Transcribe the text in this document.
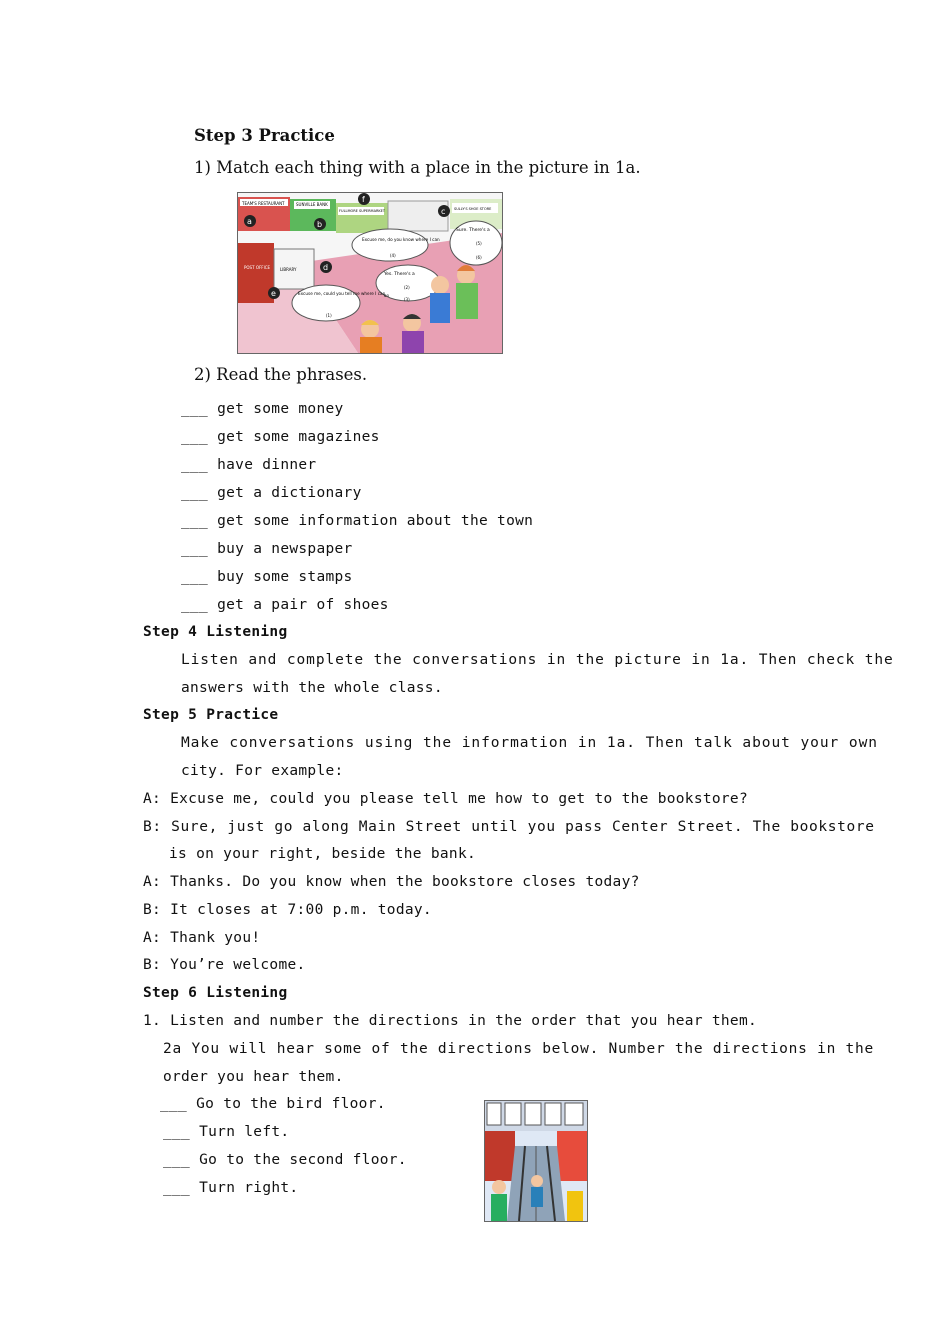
Step 3 Practice
1) Match each thing with a place in the picture in 1a.
TEAM'S RESTAURANT	SUNVILLE BANK
FULLMORE SUPERMARKET	SULLY'S SHOE STORE
POST OFFICE LIBRARY
a	b
c
d
e
f
Excuse me, do you know where I can
(4)
Yes. There's a
on
(2)
(3)
Excuse me, could you tell me where I can
(1)
Sure. There's a
(5)
(6)
2) Read the phrases.
___ get some money
___ get some magazines
___ have dinner
___ get a dictionary
___ get some information about the town
___ buy a newspaper
___ buy some stamps
___ get a pair of shoes
Step 4 Listening
Listen and complete the conversations in the picture in 1a. Then check the
answers with the whole class.
Step 5 Practice
Make conversations using the information in 1a. Then talk about your own
city. For example:
A: Excuse me, could you please tell me how to get to the bookstore?
B: Sure, just go along Main Street until you pass Center Street. The bookstore
is on your right, beside the bank.
A: Thanks. Do you know when the bookstore closes today?
B: It closes at 7:00 p.m. today.
A: Thank you!
B: You’re welcome.
Step 6 Listening
1. Listen and number the directions in the order that you hear them.
2a You will hear some of the directions below. Number the directions in the
order you hear them.
___ Go to the bird floor.
___ Turn left.
___ Go to the second floor.
___ Turn right.
